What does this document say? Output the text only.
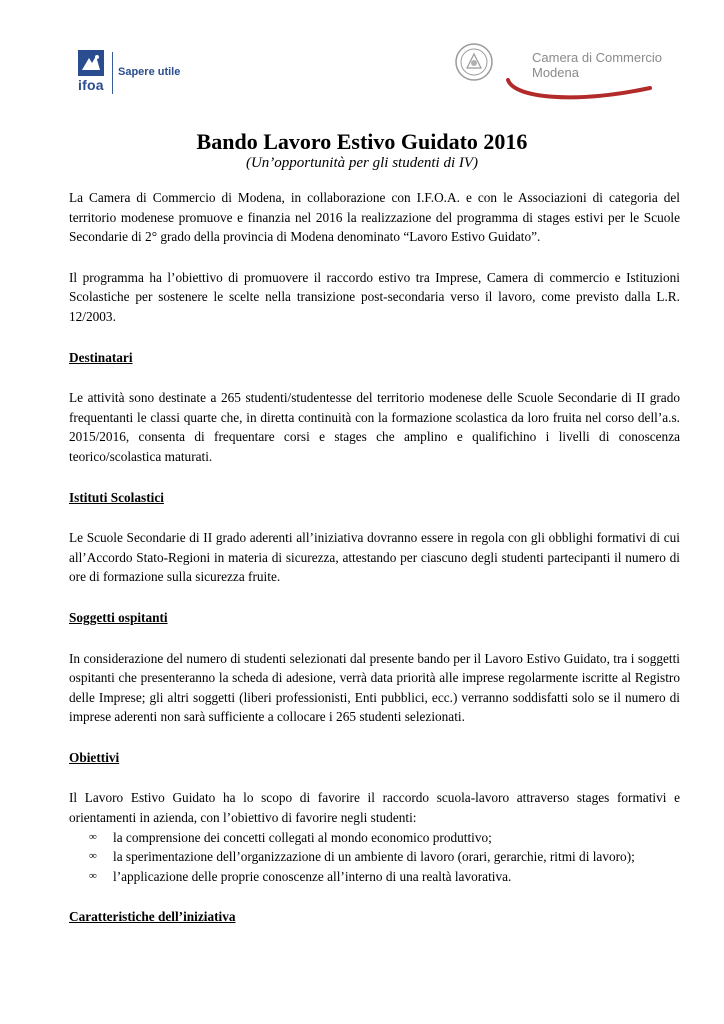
ifoa
Sapere utile
Camera di Commercio
Modena
Bando Lavoro Estivo Guidato 2016
(Un’opportunità per gli studenti di IV)

La Camera di Commercio di Modena, in collaborazione con I.F.O.A. e con le Associazioni di categoria del territorio modenese promuove e finanzia nel 2016 la realizzazione del programma di stages estivi per le Scuole Secondarie di 2° grado della provincia di Modena denominato “Lavoro Estivo Guidato”.

Il programma ha l’obiettivo di promuovere il raccordo estivo tra Imprese, Camera di commercio e Istituzioni Scolastiche per sostenere le scelte nella transizione post-secondaria verso il lavoro, come previsto dalla L.R. 12/2003.

Destinatari

Le attività sono destinate a 265 studenti/studentesse del territorio modenese delle Scuole Secondarie di II grado frequentanti le classi quarte che, in diretta continuità con la formazione scolastica da loro fruita nel corso dell’a.s. 2015/2016, consenta di frequentare corsi e stages che amplino e qualifichino i livelli di conoscenza teorico/scolastica maturati.

Istituti Scolastici

Le Scuole Secondarie di II grado aderenti all’iniziativa dovranno essere in regola con gli obblighi formativi di cui all’Accordo Stato-Regioni in materia di sicurezza, attestando per ciascuno degli studenti partecipanti il numero di ore di formazione sulla sicurezza fruite.

Soggetti ospitanti

In considerazione del numero di studenti selezionati dal presente bando per il Lavoro Estivo Guidato, tra i soggetti ospitanti che presenteranno la scheda di adesione, verrà data priorità alle imprese regolarmente iscritte al Registro delle Imprese; gli altri soggetti (liberi professionisti, Enti pubblici, ecc.) verranno soddisfatti solo se il numero di imprese aderenti non sarà sufficiente a collocare i 265 studenti selezionati.

Obiettivi

Il Lavoro Estivo Guidato ha lo scopo di favorire il raccordo scuola-lavoro attraverso stages formativi e orientamenti in azienda, con l’obiettivo di favorire negli studenti:

∞ la comprensione dei concetti collegati al mondo economico produttivo;
∞ la sperimentazione dell’organizzazione di un ambiente di lavoro (orari, gerarchie, ritmi di lavoro);
∞ l’applicazione delle proprie conoscenze all’interno di una realtà lavorativa.

Caratteristiche dell’iniziativa
